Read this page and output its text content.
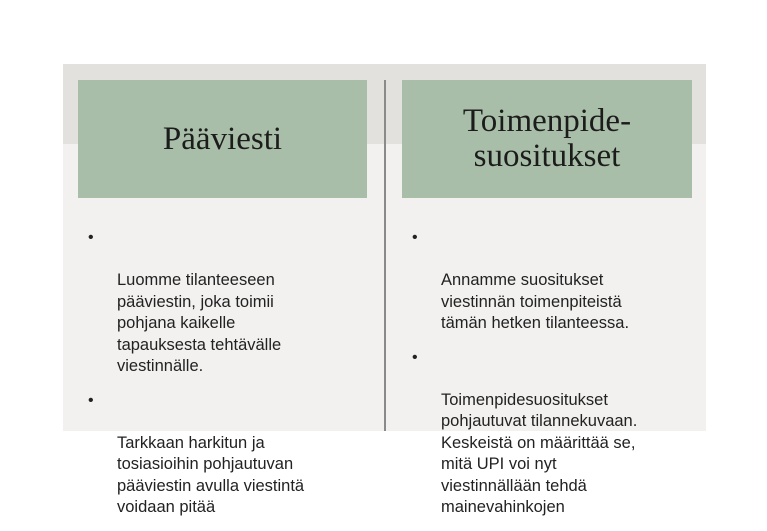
Pääviesti	Toimenpide-
suositukset

•

Luomme tilanteeseen
pääviestin, joka toimii
pohjana kaikelle
tapauksesta tehtävälle
viestinnälle.

•

Tarkkaan harkitun ja
tosiasioihin pohjautuvan
pääviestin avulla viestintä
voidaan pitää

•

Annamme suositukset
viestinnän toimenpiteistä
tämän hetken tilanteessa.

•

Toimenpidesuositukset
pohjautuvat tilannekuvaan.
Keskeistä on määrittää se,
mitä UPI voi nyt
viestinnällään tehdä
mainevahinkojen
